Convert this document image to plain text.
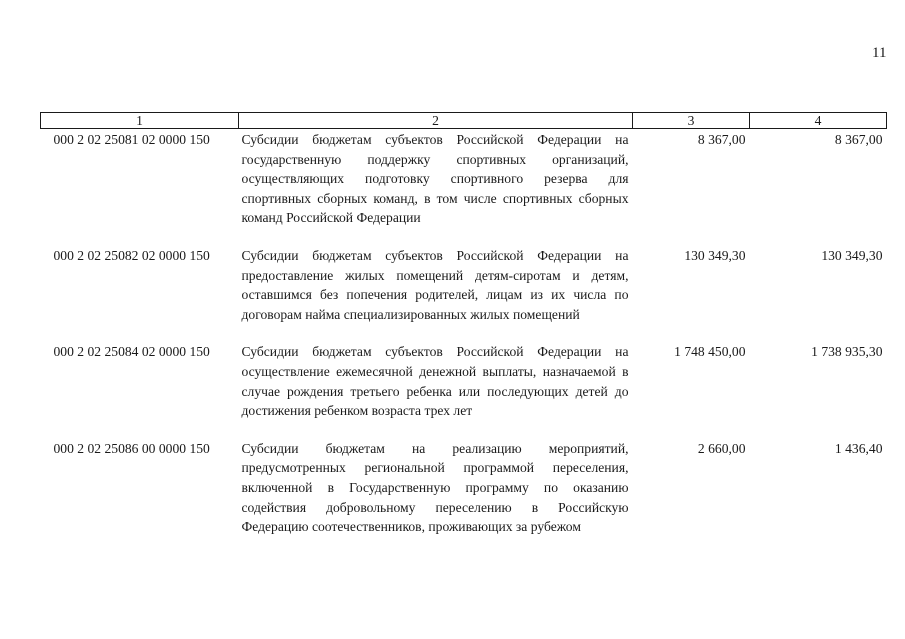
11
1	2	3	4
000 2 02 25081 02 0000 150	Субсидии бюджетам субъектов Российской Федерации на государственную поддержку спортивных организаций, осуществляющих подготовку спортивного резерва для спортивных сборных команд, в том числе спортивных сборных команд Российской Федерации	8 367,00	8 367,00
000 2 02 25082 02 0000 150	Субсидии бюджетам субъектов Российской Федерации на предоставление жилых помещений детям-сиротам и детям, оставшимся без попечения родителей, лицам из их числа по договорам найма специализированных жилых помещений	130 349,30	130 349,30
000 2 02 25084 02 0000 150	Субсидии бюджетам субъектов Российской Федерации на осуществление ежемесячной денежной выплаты, назначаемой в случае рождения третьего ребенка или последующих детей до достижения ребенком возраста трех лет	1 748 450,00	1 738 935,30
000 2 02 25086 00 0000 150	Субсидии бюджетам на реализацию мероприятий, предусмотренных региональной программой переселения, включенной в Государственную программу по оказанию содействия добровольному переселению в Российскую Федерацию соотечественников, проживающих за рубежом	2 660,00	1 436,40
